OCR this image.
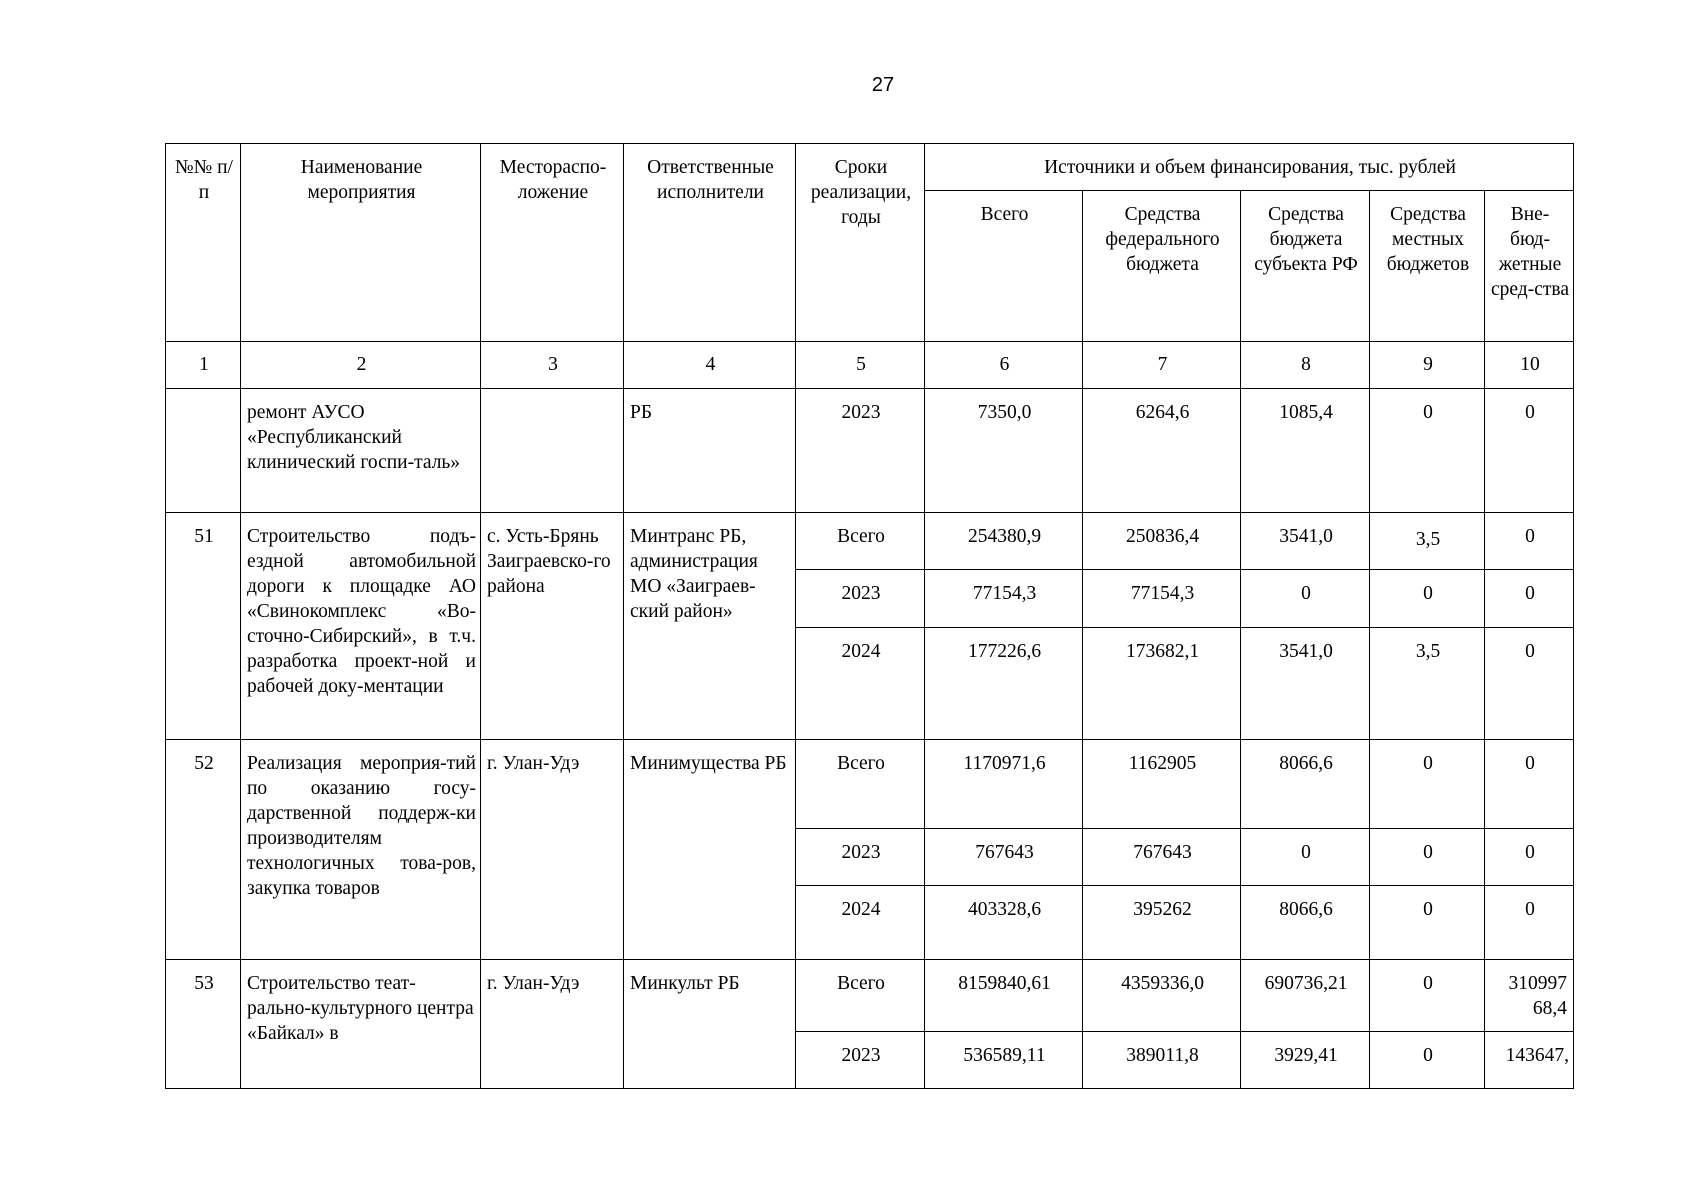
27
№№ п/п	Наименование мероприятия	Местораспо-ложение	Ответственные исполнители	Сроки реализации, годы	Источники и объем финансирования, тыс. рублей				
					Всего	Средства федерального бюджета	Средства бюджета субъекта РФ	Средства местных бюджетов	Вне-бюд-жетные сред-ства
1	2	3	4	5	6	7	8	9	10
	ремонт АУСО «Республиканский клинический госпи-таль»		РБ	2023	7350,0	6264,6	1085,4	0	0
51	Строительство подъ-ездной автомобильной дороги к площадке АО «Свинокомплекс «Во-сточно-Сибирский», в т.ч. разработка проект-ной и рабочей доку-ментации	с. Усть-Брянь Заиграевско-го района	Минтранс РБ, администрация МО «Заиграев-ский район»	Всего	254380,9	250836,4	3541,0	3,5	0
				2023	77154,3	77154,3	0	0	0
				2024	177226,6	173682,1	3541,0	3,5	0
52	Реализация мероприя-тий по оказанию госу-дарственной поддерж-ки производителям технологичных това-ров, закупка товаров	г. Улан-Удэ	Минимущества РБ	Всего	1170971,6	1162905	8066,6	0	0
				2023	767643	767643	0	0	0
				2024	403328,6	395262	8066,6	0	0
53	Строительство теат-рально-культурного центра «Байкал» в	г. Улан-Удэ	Минкульт РБ	Всего	8159840,61	4359336,0	690736,21	0	310997 68,4
				2023	536589,11	389011,8	3929,41	0	143647,
